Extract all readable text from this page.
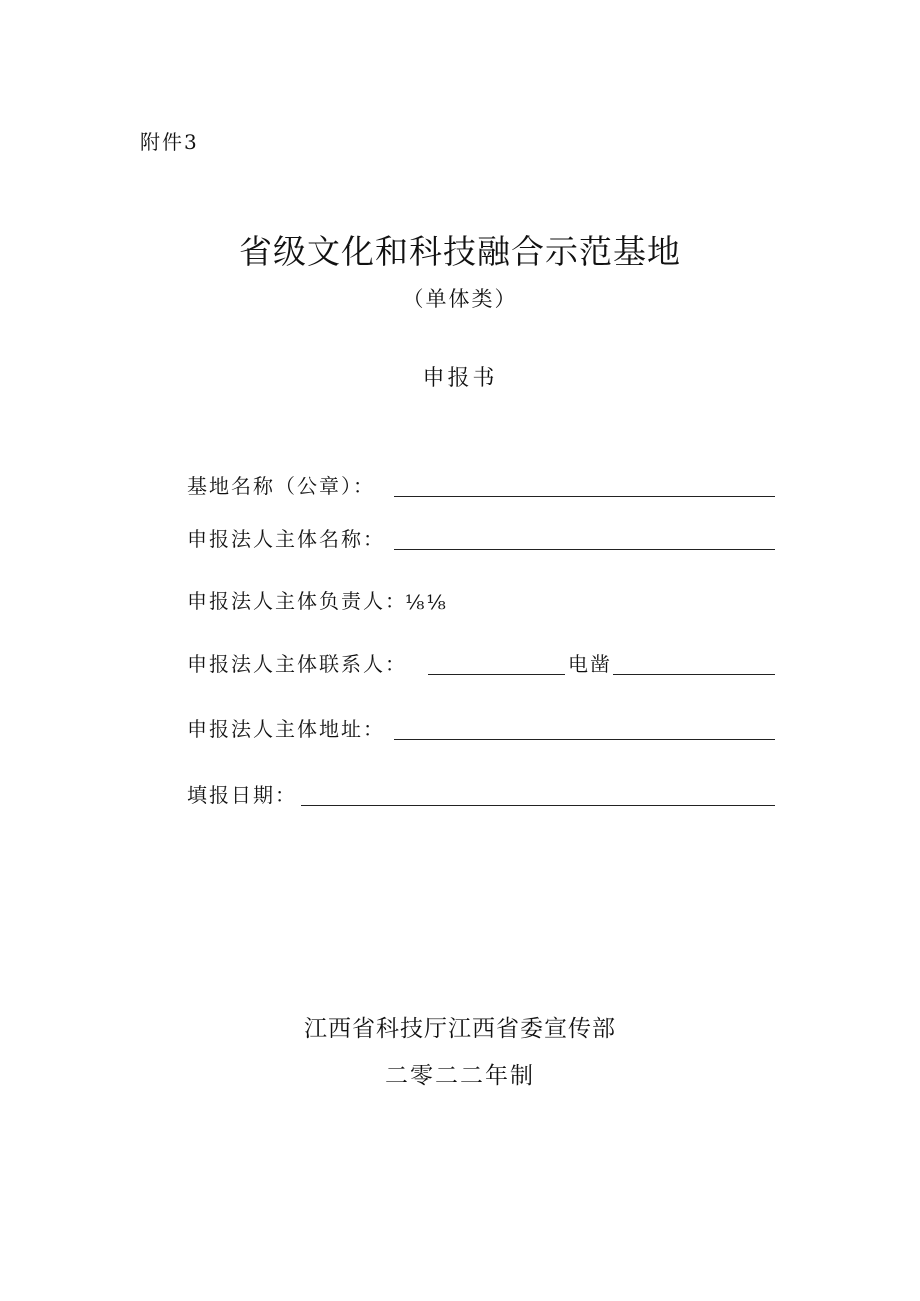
附件3
省级文化和科技融合示范基地
（单体类）
申报书
基地名称（公章）：
申报法人主体名称：
申报法人主体负责人：
⅛⅛
申报法人主体联系人：	电凿
申报法人主体地址：
填报日期：
江西省科技厅江西省委宣传部
二零二二年制
